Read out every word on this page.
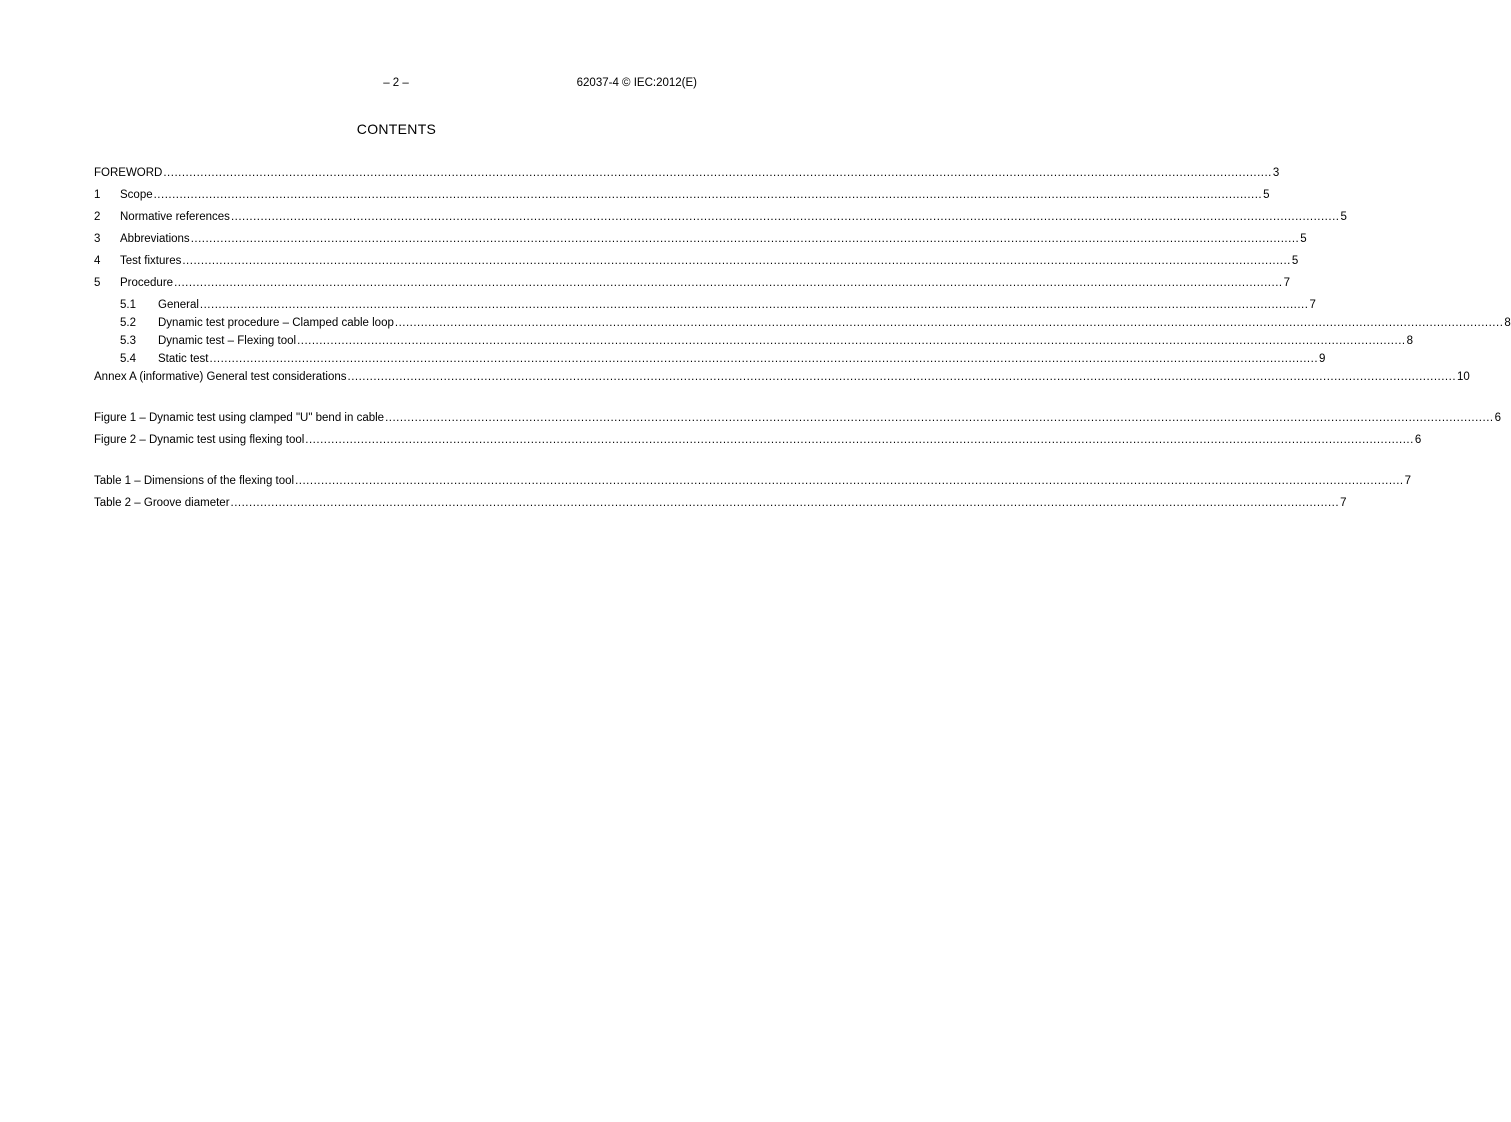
– 2 –	62037-4 © IEC:2012(E)
CONTENTS
FOREWORD ............................................................................................................................................................................................................................................................................................................ 3
1	Scope ............................................................................................................................................................................................................................................................................................................ 5
2	Normative references ............................................................................................................................................................................................................................................................................................................ 5
3	Abbreviations ............................................................................................................................................................................................................................................................................................................ 5
4	Test fixtures ............................................................................................................................................................................................................................................................................................................ 5
5	Procedure ............................................................................................................................................................................................................................................................................................................ 7
5.1	General ............................................................................................................................................................................................................................................................................................................ 7
5.2	Dynamic test procedure – Clamped cable loop ............................................................................................................................................................................................................................................................................................................ 8
5.3	Dynamic test – Flexing tool ............................................................................................................................................................................................................................................................................................................ 8
5.4	Static test ............................................................................................................................................................................................................................................................................................................ 9
Annex A (informative) General test considerations ............................................................................................................................................................................................................................................................................................................ 10
Figure 1 – Dynamic test using clamped "U" bend in cable ............................................................................................................................................................................................................................................................................................................ 6
Figure 2 – Dynamic test using flexing tool ............................................................................................................................................................................................................................................................................................................ 6
Table 1 – Dimensions of the flexing tool ............................................................................................................................................................................................................................................................................................................ 7
Table 2 – Groove diameter ............................................................................................................................................................................................................................................................................................................ 7
